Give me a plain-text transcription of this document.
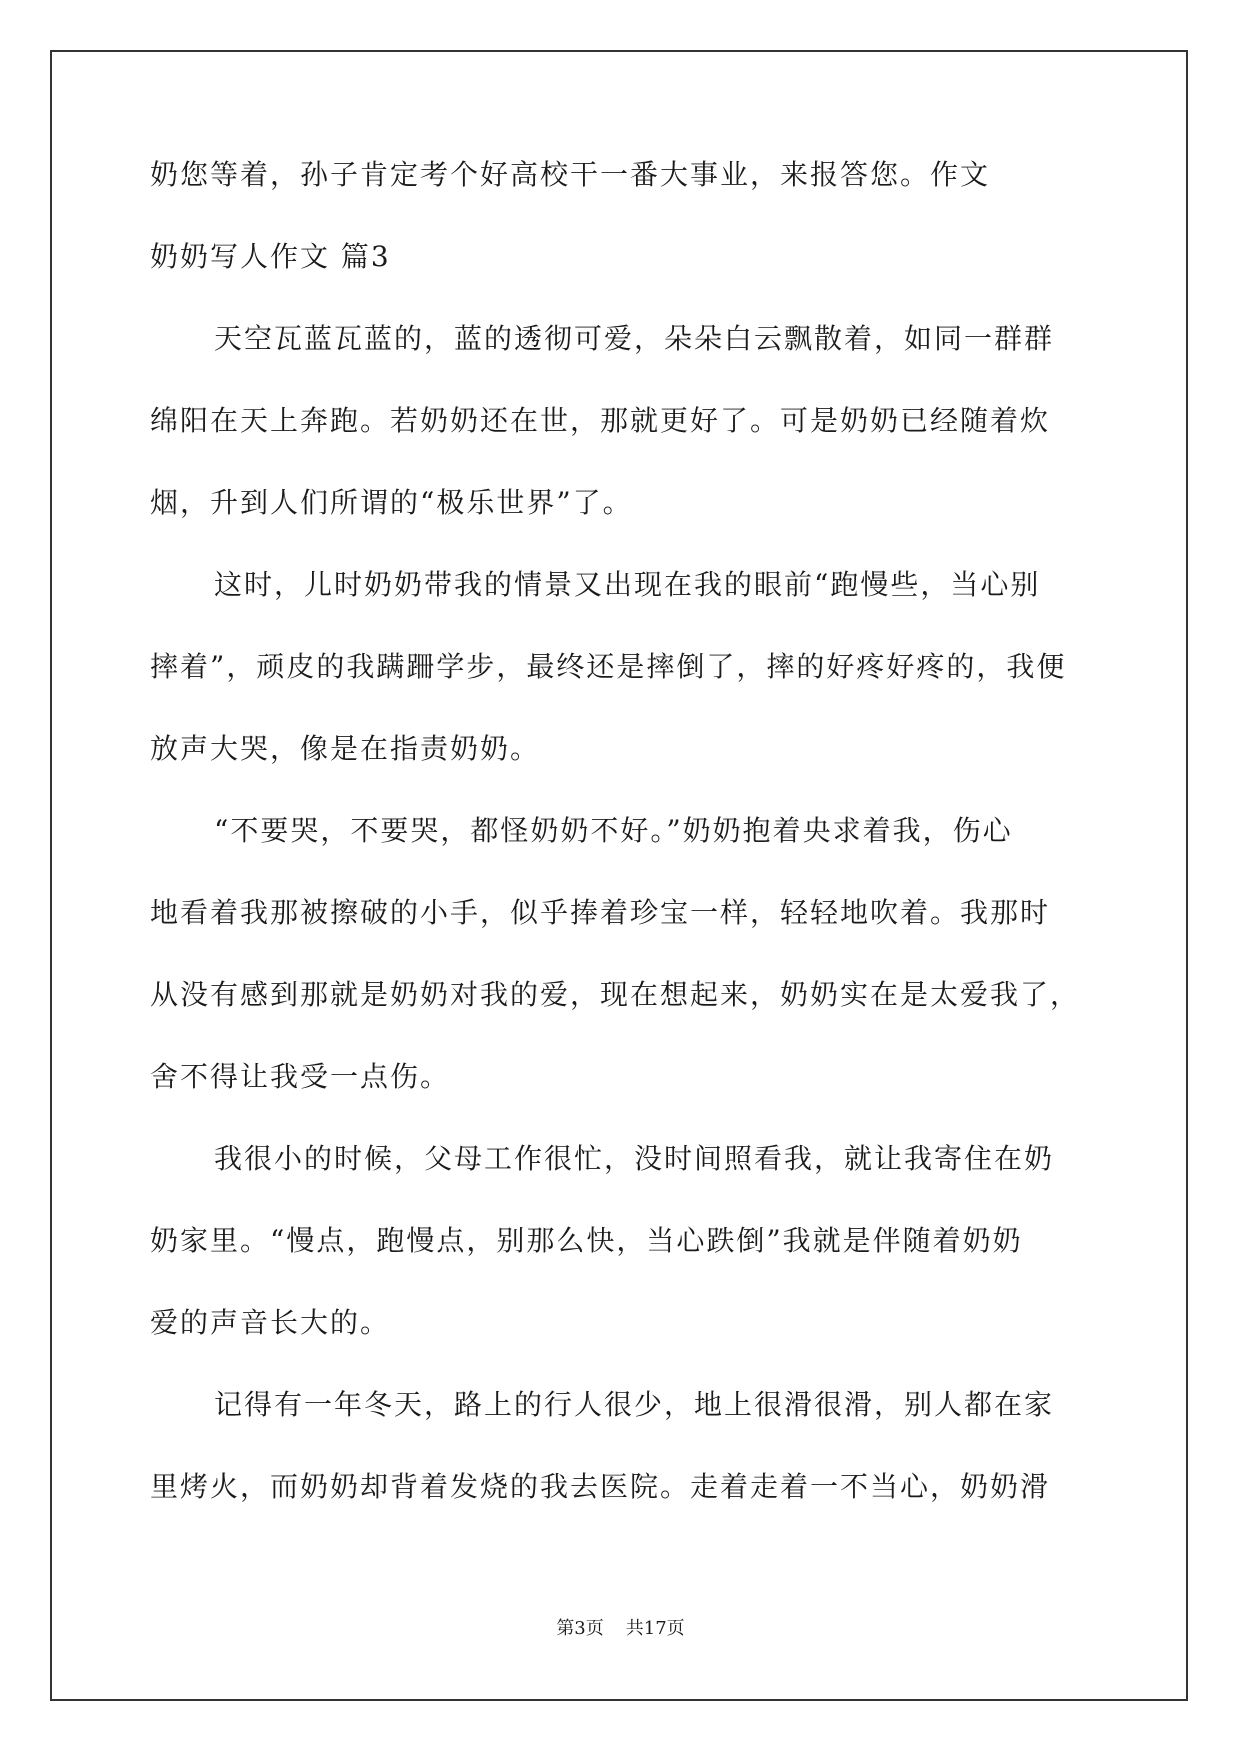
奶您等着，孙子肯定考个好高校干一番大事业，来报答您。作文
奶奶写人作文 篇3
天空瓦蓝瓦蓝的，蓝的透彻可爱，朵朵白云飘散着，如同一群群
绵阳在天上奔跑。若奶奶还在世，那就更好了。可是奶奶已经随着炊
烟，升到人们所谓的“极乐世界”了。
这时，儿时奶奶带我的情景又出现在我的眼前“跑慢些，当心别
摔着”，顽皮的我蹒跚学步，最终还是摔倒了，摔的好疼好疼的，我便
放声大哭，像是在指责奶奶。
“不要哭，不要哭，都怪奶奶不好。”奶奶抱着央求着我，伤心
地看着我那被擦破的小手，似乎捧着珍宝一样，轻轻地吹着。我那时
从没有感到那就是奶奶对我的爱，现在想起来，奶奶实在是太爱我了，
舍不得让我受一点伤。
我很小的时候，父母工作很忙，没时间照看我，就让我寄住在奶
奶家里。“慢点，跑慢点，别那么快，当心跌倒”我就是伴随着奶奶
爱的声音长大的。
记得有一年冬天，路上的行人很少，地上很滑很滑，别人都在家
里烤火，而奶奶却背着发烧的我去医院。走着走着一不当心，奶奶滑
第3页 共17页
